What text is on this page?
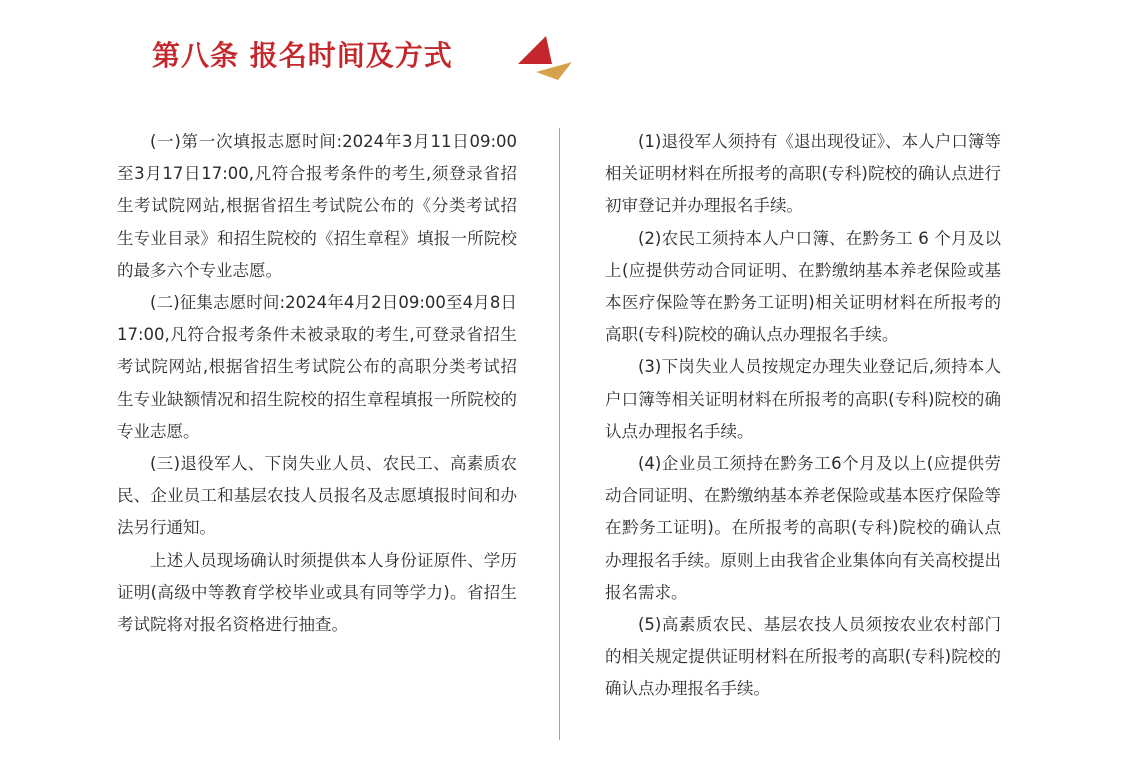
第八条 报名时间及方式

(一)第一次填报志愿时间:2024年3月11日09:00至3月17日17:00,凡符合报考条件的考生,须登录省招生考试院网站,根据省招生考试院公布的《分类考试招生专业目录》和招生院校的《招生章程》填报一所院校的最多六个专业志愿。

(二)征集志愿时间:2024年4月2日09:00至4月8日17:00,凡符合报考条件未被录取的考生,可登录省招生考试院网站,根据省招生考试院公布的高职分类考试招生专业缺额情况和招生院校的招生章程填报一所院校的专业志愿。

(三)退役军人、下岗失业人员、农民工、高素质农民、企业员工和基层农技人员报名及志愿填报时间和办法另行通知。

上述人员现场确认时须提供本人身份证原件、学历证明(高级中等教育学校毕业或具有同等学力)。省招生考试院将对报名资格进行抽查。

(1)退役军人须持有《退出现役证》、本人户口簿等相关证明材料在所报考的高职(专科)院校的确认点进行初审登记并办理报名手续。

(2)农民工须持本人户口簿、在黔务工 6 个月及以上(应提供劳动合同证明、在黔缴纳基本养老保险或基本医疗保险等在黔务工证明)相关证明材料在所报考的高职(专科)院校的确认点办理报名手续。

(3)下岗失业人员按规定办理失业登记后,须持本人户口簿等相关证明材料在所报考的高职(专科)院校的确认点办理报名手续。

(4)企业员工须持在黔务工6个月及以上(应提供劳动合同证明、在黔缴纳基本养老保险或基本医疗保险等在黔务工证明)。在所报考的高职(专科)院校的确认点办理报名手续。原则上由我省企业集体向有关高校提出报名需求。

(5)高素质农民、基层农技人员须按农业农村部门的相关规定提供证明材料在所报考的高职(专科)院校的确认点办理报名手续。
